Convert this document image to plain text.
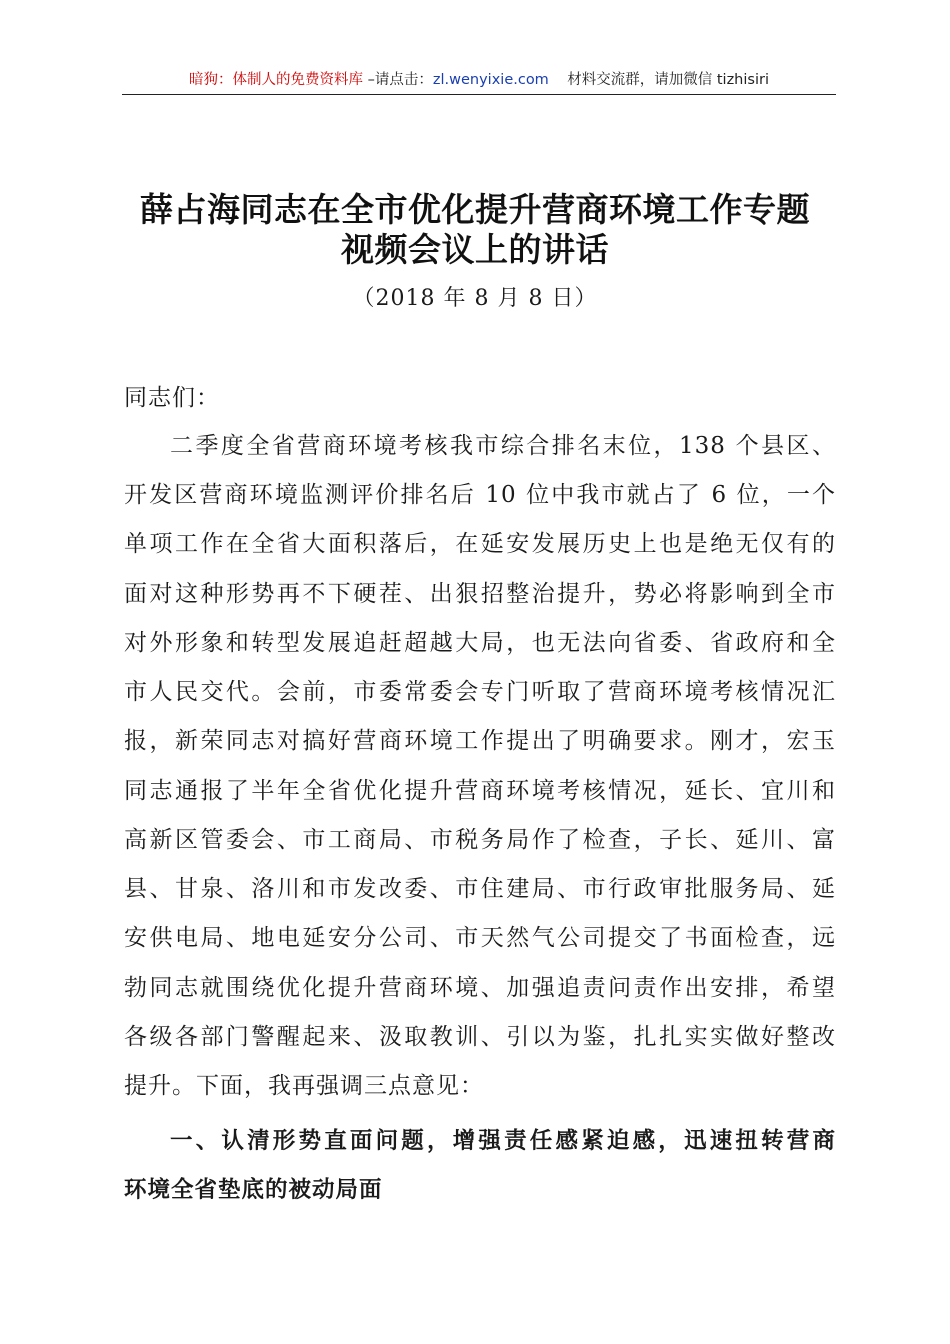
暗狗：体制人的免费资料库 –请点击：zl.wenyixie.com 材料交流群，请加微信 tizhisiri
薛占海同志在全市优化提升营商环境工作专题
视频会议上的讲话
（2018 年 8 月 8 日）
同志们：
二季度全省营商环境考核我市综合排名末位，138 个县区、
开发区营商环境监测评价排名后 10 位中我市就占了 6 位，一个
单项工作在全省大面积落后，在延安发展历史上也是绝无仅有的
面对这种形势再不下硬茬、出狠招整治提升，势必将影响到全市
对外形象和转型发展追赶超越大局，也无法向省委、省政府和全
市人民交代。会前，市委常委会专门听取了营商环境考核情况汇
报，新荣同志对搞好营商环境工作提出了明确要求。刚才，宏玉
同志通报了半年全省优化提升营商环境考核情况，延长、宜川和
高新区管委会、市工商局、市税务局作了检查，子长、延川、富
县、甘泉、洛川和市发改委、市住建局、市行政审批服务局、延
安供电局、地电延安分公司、市天然气公司提交了书面检查，远
勃同志就围绕优化提升营商环境、加强追责问责作出安排，希望
各级各部门警醒起来、汲取教训、引以为鉴，扎扎实实做好整改
提升。下面，我再强调三点意见：
一、认清形势直面问题，增强责任感紧迫感，迅速扭转营商
环境全省垫底的被动局面
